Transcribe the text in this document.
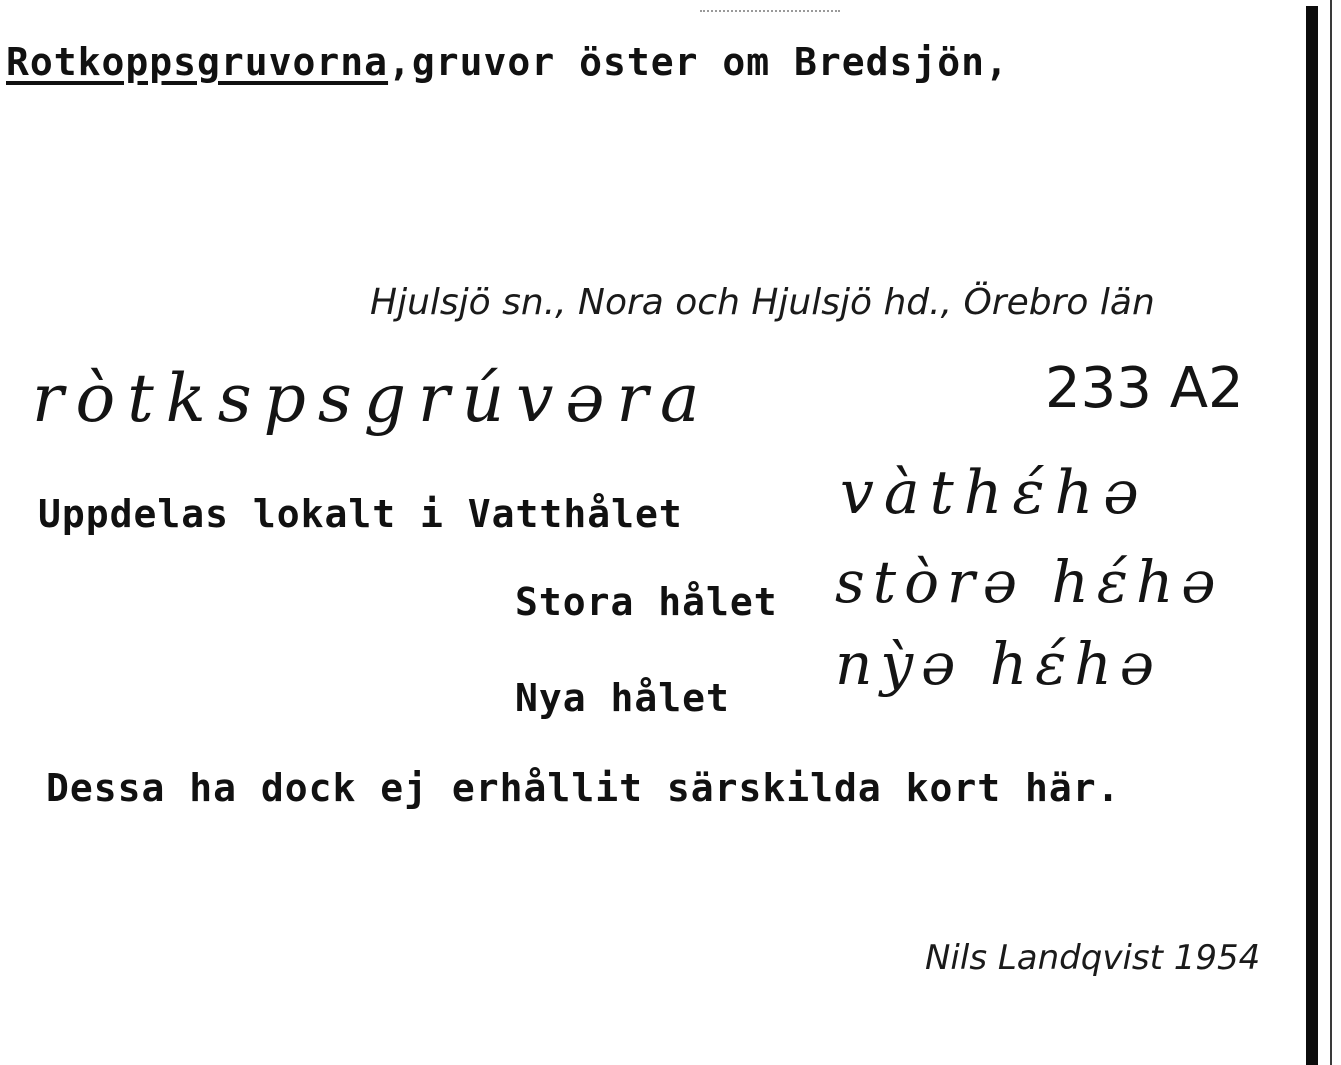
Rotkoppsgruvorna,gruvor öster om Bredsjön,
Hjulsjö sn., Nora och Hjulsjö hd., Örebro län
ròtkspsgrúvəra	233 A2
Uppdelas lokalt i Vatthålet	vàthɛ́hə
Stora hålet stòrə hɛ́hə
Nya hålet nỳə hɛ́hə
Dessa ha dock ej erhållit särskilda kort här.
Nils Landqvist 1954
